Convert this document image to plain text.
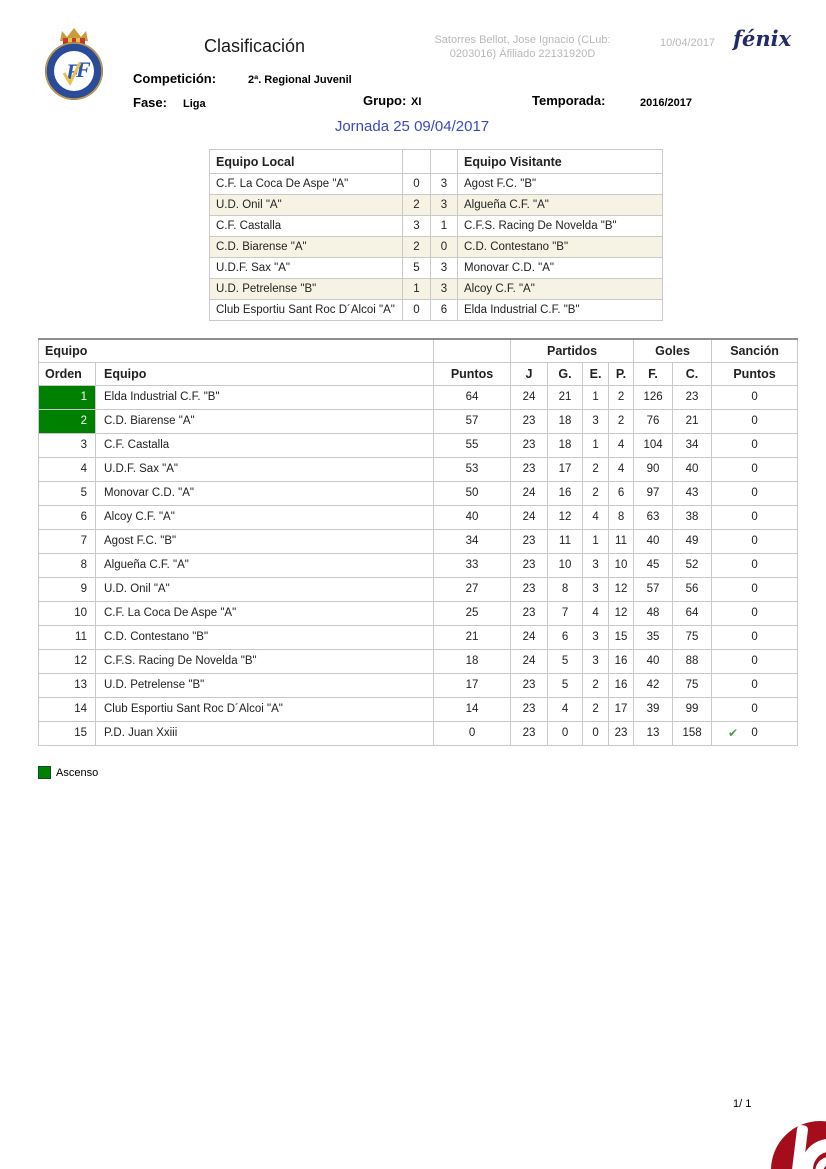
F
F
Clasificación	Satorres Bellot, Jose Ignacio (CLub:
0203016) Áfiliado 22131920D
10/04/2017 fénix
Competición:	2ª. Regional Juvenil
Fase: Liga	Grupo: XI	Temporada:	2016/2017
Jornada 25 09/04/2017
Equipo Local			Equipo Visitante
C.F. La Coca De Aspe "A"	0	3	Agost F.C. "B"
U.D. Onil "A"	2	3	Algueña C.F. "A"
C.F. Castalla	3	1	C.F.S. Racing De Novelda "B"
C.D. Biarense "A"	2	0	C.D. Contestano "B"
U.D.F. Sax "A"	5	3	Monovar C.D. "A"
U.D. Petrelense "B"	1	3	Alcoy C.F. "A"
Club Esportiu Sant Roc D´Alcoi "A"	0	6	Elda Industrial C.F. "B"
Equipo			Partidos				Goles		Sanción
Orden	Equipo	Puntos	J	G.	E.	P.	F.	C.	Puntos
1	Elda Industrial C.F. "B"	64	24	21	1	2	126	23	0
2	C.D. Biarense "A"	57	23	18	3	2	76	21	0
3	C.F. Castalla	55	23	18	1	4	104	34	0
4	U.D.F. Sax "A"	53	23	17	2	4	90	40	0
5	Monovar C.D. "A"	50	24	16	2	6	97	43	0
6	Alcoy C.F. "A"	40	24	12	4	8	63	38	0
7	Agost F.C. "B"	34	23	11	1	11	40	49	0
8	Algueña C.F. "A"	33	23	10	3	10	45	52	0
9	U.D. Onil "A"	27	23	8	3	12	57	56	0
10	C.F. La Coca De Aspe "A"	25	23	7	4	12	48	64	0
11	C.D. Contestano "B"	21	24	6	3	15	35	75	0
12	C.F.S. Racing De Novelda "B"	18	24	5	3	16	40	88	0
13	U.D. Petrelense "B"	17	23	5	2	16	42	75	0
14	Club Esportiu Sant Roc D´Alcoi "A"	14	23	4	2	17	39	99	0
15	P.D. Juan Xxiii	0	23	0	0	23	13	158	✔ 0
Ascenso
1/ 1
